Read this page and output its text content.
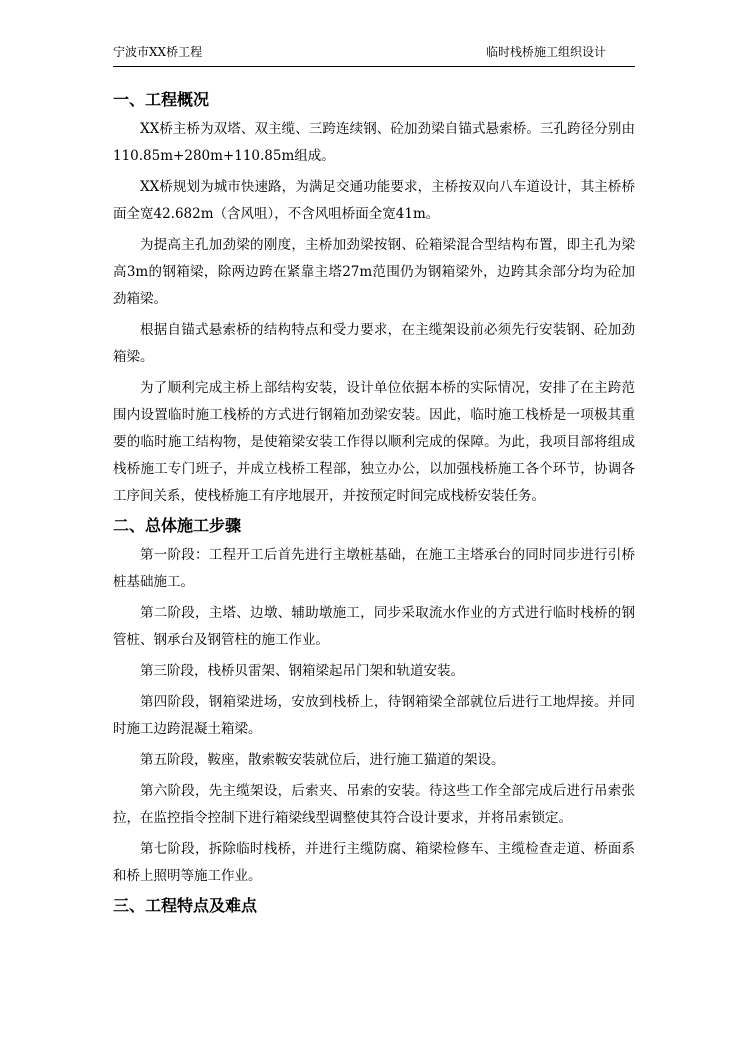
宁波市XX桥工程	临时栈桥施工组织设计
一、工程概况

XX桥主桥为双塔、双主缆、三跨连续钢、砼加劲梁自锚式悬索桥。三孔跨径分别由110.85m+280m+110.85m组成。

XX桥规划为城市快速路，为满足交通功能要求，主桥按双向八车道设计，其主桥桥面全宽42.682m（含风咀），不含风咀桥面全宽41m。

为提高主孔加劲梁的刚度，主桥加劲梁按钢、砼箱梁混合型结构布置，即主孔为梁高3m的钢箱梁，除两边跨在紧靠主塔27m范围仍为钢箱梁外，边跨其余部分均为砼加劲箱梁。

根据自锚式悬索桥的结构特点和受力要求，在主缆架设前必须先行安装钢、砼加劲箱梁。

为了顺利完成主桥上部结构安装，设计单位依据本桥的实际情况，安排了在主跨范围内设置临时施工栈桥的方式进行钢箱加劲梁安装。因此，临时施工栈桥是一项极其重要的临时施工结构物，是使箱梁安装工作得以顺利完成的保障。为此，我项目部将组成栈桥施工专门班子，并成立栈桥工程部，独立办公，以加强栈桥施工各个环节，协调各工序间关系，使栈桥施工有序地展开，并按预定时间完成栈桥安装任务。

二、总体施工步骤

第一阶段：工程开工后首先进行主墩桩基础，在施工主塔承台的同时同步进行引桥桩基础施工。

第二阶段，主塔、边墩、辅助墩施工，同步采取流水作业的方式进行临时栈桥的钢管桩、钢承台及钢管柱的施工作业。

第三阶段，栈桥贝雷架、钢箱梁起吊门架和轨道安装。

第四阶段，钢箱梁进场，安放到栈桥上，待钢箱梁全部就位后进行工地焊接。并同时施工边跨混凝土箱梁。

第五阶段，鞍座，散索鞍安装就位后，进行施工猫道的架设。

第六阶段，先主缆架设，后索夹、吊索的安装。待这些工作全部完成后进行吊索张拉，在监控指令控制下进行箱梁线型调整使其符合设计要求，并将吊索锁定。

第七阶段，拆除临时栈桥，并进行主缆防腐、箱梁检修车、主缆检查走道、桥面系和桥上照明等施工作业。

三、工程特点及难点
